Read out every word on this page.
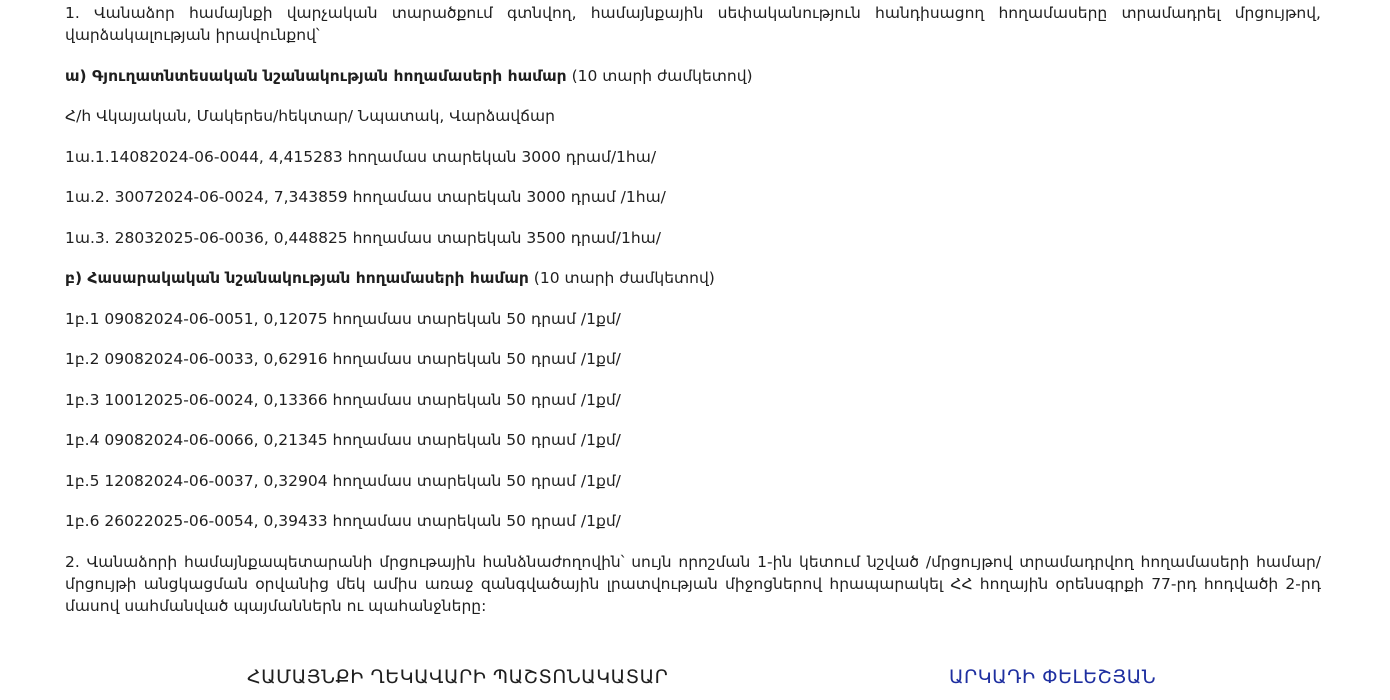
1. Վանաձոր համայնքի վարչական տարածքում գտնվող, համայնքային սեփականություն հանդիսացող հողամասերը տրամադրել մրցույթով, վարձակալության իրավունքով՝

ա) Գյուղատնտեսական նշանակության հողամասերի համար (10 տարի ժամկետով)

Հ/հ Վկայական, Մակերես/հեկտար/ Նպատակ, Վարձավճար

1ա.1.14082024-06-0044, 4,415283 հողամաս տարեկան 3000 դրամ/1հա/

1ա.2. 30072024-06-0024, 7,343859 հողամաս տարեկան 3000 դրամ /1հա/

1ա.3. 28032025-06-0036, 0,448825 հողամաս տարեկան 3500 դրամ/1հա/

բ) Հասարակական նշանակության հողամասերի համար (10 տարի ժամկետով)

1բ.1 09082024-06-0051, 0,12075 հողամաս տարեկան 50 դրամ /1քմ/

1բ.2 09082024-06-0033, 0,62916 հողամաս տարեկան 50 դրամ /1քմ/

1բ.3 10012025-06-0024, 0,13366 հողամաս տարեկան 50 դրամ /1քմ/

1բ.4 09082024-06-0066, 0,21345 հողամաս տարեկան 50 դրամ /1քմ/

1բ.5 12082024-06-0037, 0,32904 հողամաս տարեկան 50 դրամ /1քմ/

1բ.6 26022025-06-0054, 0,39433 հողամաս տարեկան 50 դրամ /1քմ/

2. Վանաձորի համայնքապետարանի մրցութային հանձնաժողովին՝ սույն որոշման 1-ին կետում նշված /մրցույթով տրամադրվող հողամասերի համար/ մրցույթի անցկացման օրվանից մեկ ամիս առաջ զանգվածային լրատվության միջոցներով հրապարակել ՀՀ հողային օրենսգրքի 77-րդ հոդվածի 2-րդ մասով սահմանված պայմաններն ու պահանջները:

ՀԱՄԱՅՆՔԻ ՂԵԿԱՎԱՐԻ ՊԱՇՏՈՆԱԿԱՏԱՐ	ԱՐԿԱԴԻ ՓԵԼԵՇՅԱՆ
